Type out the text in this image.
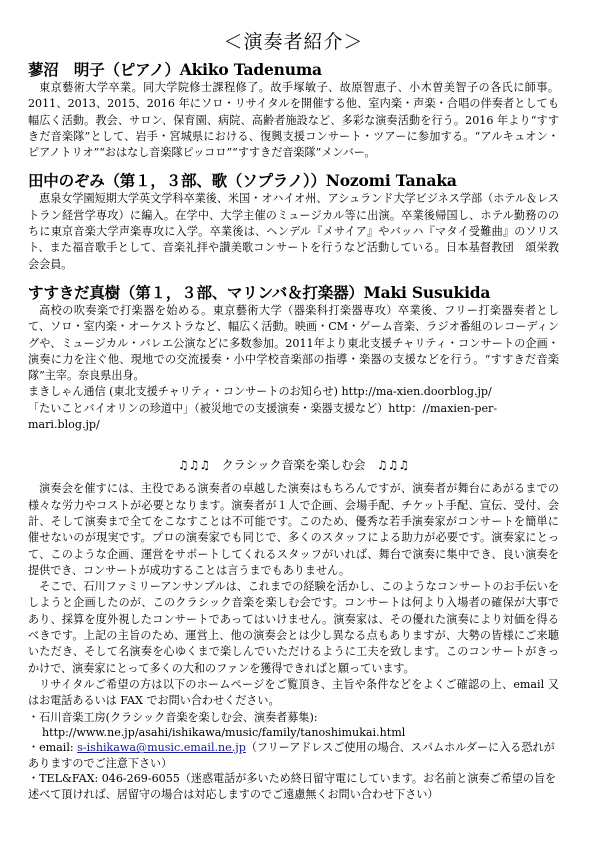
＜演奏者紹介＞
蓼沼　明子（ピアノ）Akiko Tadenuma

東京藝術大学卒業。同大学院修士課程修了。故手塚敏子、故原智恵子、小木曽美智子の各氏に師事。2011、2013、2015、2016 年にソロ・リサイタルを開催する他、室内楽・声楽・合唱の伴奏者としても幅広く活動。教会、サロン、保育園、病院、高齢者施設など、多彩な演奏活動を行う。2016 年より“すすきだ音楽隊”として、岩手・宮城県における、復興支援コンサート・ツアーに参加する。“アルキュオン・ピアノトリオ”“おはなし音楽隊ピッコロ”“すすきだ音楽隊”メンバー。

田中のぞみ（第１，３部、歌（ソプラノ））Nozomi Tanaka

恵泉女学園短期大学英文学科卒業後、米国・オハイオ州、アシュランド大学ビジネス学部（ホテル＆レストラン経営学専攻）に編入。在学中、大学主催のミュージカル等に出演。卒業後帰国し、ホテル勤務ののちに東京音楽大学声楽専攻に入学。卒業後は、ヘンデル『メサイア』やバッハ『マタイ受難曲』のソリスト、また福音歌手として、音楽礼拝や讃美歌コンサートを行うなど活動している。日本基督教団　頌栄教会会員。

すすきだ真樹（第１，３部、マリンバ＆打楽器）Maki Susukida

高校の吹奏楽で打楽器を始める。東京藝術大学（器楽科打楽器専攻）卒業後、フリー打楽器奏者として、ソロ・室内楽・オーケストラなど、幅広く活動。映画・CM・ゲーム音楽、ラジオ番組のレコーディングや、ミュージカル・バレエ公演などに多数参加。2011年より東北支援チャリティ・コンサートの企画・演奏に力を注ぐ他、現地での交流援奏・小中学校音楽部の指導・楽器の支援などを行う。“すすきだ音楽隊”主宰。奈良県出身。

まきしゃん通信 (東北支援チャリティ・コンサートのお知らせ) http://ma-xien.doorblog.jp/

「たいことバイオリンの珍道中」（被災地での支援演奏・楽器支援など）http：//maxien-per-mari.blog.jp/

♫♫♫ クラシック音楽を楽しむ会 ♫♫♫

演奏会を催すには、主役である演奏者の卓越した演奏はもちろんですが、演奏者が舞台にあがるまでの様々な労力やコストが必要となります。演奏者が１人で企画、会場手配、チケット手配、宣伝、受付、会計、そして演奏まで全てをこなすことは不可能です。このため、優秀な若手演奏家がコンサートを簡単に催せないのが現実です。プロの演奏家でも同じで、多くのスタッフによる助力が必要です。演奏家にとって、このような企画、運営をサポートしてくれるスタッフがいれば、舞台で演奏に集中でき、良い演奏を提供でき、コンサートが成功することは言うまでもありません。

そこで、石川ファミリーアンサンブルは、これまでの経験を活かし、このようなコンサートのお手伝いをしようと企画したのが、このクラシック音楽を楽しむ会です。コンサートは何より入場者の確保が大事であり、採算を度外視したコンサートであってはいけません。演奏家は、その優れた演奏により対価を得るべきです。上記の主旨のため、運営上、他の演奏会とは少し異なる点もありますが、大勢の皆様にご来聴いただき、そして名演奏を心ゆくまで楽しんでいただけるように工夫を致します。このコンサートがきっかけで、演奏家にとって多くの大和のファンを獲得できればと願っています。

リサイタルご希望の方は以下のホームページをご覧頂き、主旨や条件などをよくご確認の上、email 又はお電話あるいは FAX でお問い合わせください。

・石川音楽工房(クラシック音楽を楽しむ会、演奏者募集):
http://www.ne.jp/asahi/ishikawa/music/family/tanoshimukai.html
・email: s-ishikawa@music.email.ne.jp（フリーアドレスご使用の場合、スパムホルダーに入る恐れがありますのでご注意下さい）
・TEL&FAX: 046-269-6055（迷惑電話が多いため終日留守電にしています。お名前と演奏ご希望の旨を述べて頂ければ、居留守の場合は対応しますのでご遠慮無くお問い合わせ下さい）
